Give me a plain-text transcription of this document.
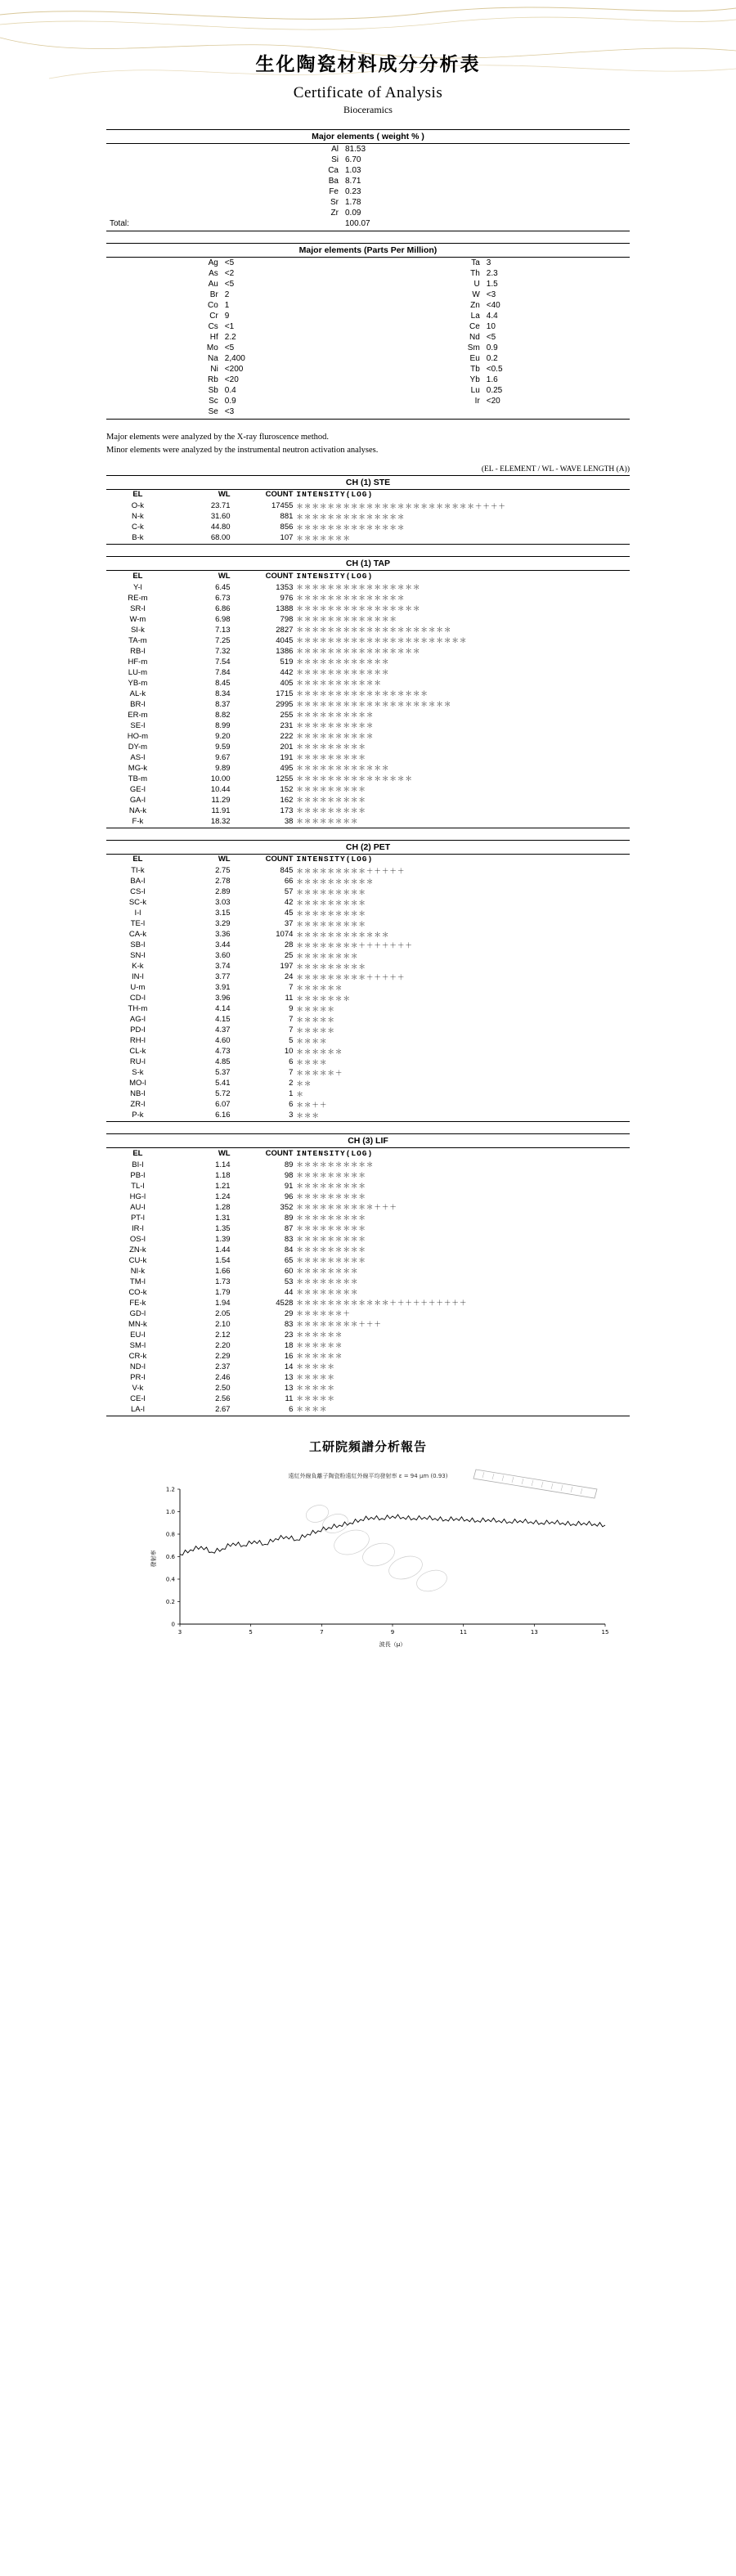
生化陶瓷材料成分分析表
Certificate of Analysis
Bioceramics
Major elements ( weight % )
Al	81.53
Si	6.70
Ca	1.03
Ba	8.71
Fe	0.23
Sr	1.78
Zr	0.09
Total:	100.07

Major elements (Parts Per Million)
Ag	<5	Ta	3
As	<2	Th	2.3
Au	<5	U	1.5
Br	2	W	<3
Co	1	Zn	<40
Cr	9	La	4.4
Cs	<1	Ce	10
Hf	2.2	Nd	<5
Mo	<5	Sm	0.9
Na	2,400	Eu	0.2
Ni	<200	Tb	<0.5
Rb	<20	Yb	1.6
Sb	0.4	Lu	0.25
Sc	0.9	Ir	<20
Se	<3		

Major elements were analyzed by the X-ray fluroscence method.
Minor elements were analyzed by the instrumental neutron activation analyses.
(EL - ELEMENT / WL - WAVE LENGTH (A))
CH (1) STE
EL	WL	COUNT	INTENSITY(LOG)
O-k	23.71	17455	＊＊＊＊＊＊＊＊＊＊＊＊＊＊＊＊＊＊＊＊＊＊＊＋＋＋＋
N-k	31.60	881	＊＊＊＊＊＊＊＊＊＊＊＊＊＊
C-k	44.80	856	＊＊＊＊＊＊＊＊＊＊＊＊＊＊
B-k	68.00	107	＊＊＊＊＊＊＊

CH (1) TAP
EL	WL	COUNT	INTENSITY(LOG)
Y-l	6.45	1353	＊＊＊＊＊＊＊＊＊＊＊＊＊＊＊＊
RE-m	6.73	976	＊＊＊＊＊＊＊＊＊＊＊＊＊＊
SR-l	6.86	1388	＊＊＊＊＊＊＊＊＊＊＊＊＊＊＊＊
W-m	6.98	798	＊＊＊＊＊＊＊＊＊＊＊＊＊
SI-k	7.13	2827	＊＊＊＊＊＊＊＊＊＊＊＊＊＊＊＊＊＊＊＊
TA-m	7.25	4045	＊＊＊＊＊＊＊＊＊＊＊＊＊＊＊＊＊＊＊＊＊＊
RB-l	7.32	1386	＊＊＊＊＊＊＊＊＊＊＊＊＊＊＊＊
HF-m	7.54	519	＊＊＊＊＊＊＊＊＊＊＊＊
LU-m	7.84	442	＊＊＊＊＊＊＊＊＊＊＊＊
YB-m	8.45	405	＊＊＊＊＊＊＊＊＊＊＊
AL-k	8.34	1715	＊＊＊＊＊＊＊＊＊＊＊＊＊＊＊＊＊
BR-l	8.37	2995	＊＊＊＊＊＊＊＊＊＊＊＊＊＊＊＊＊＊＊＊
ER-m	8.82	255	＊＊＊＊＊＊＊＊＊＊
SE-l	8.99	231	＊＊＊＊＊＊＊＊＊＊
HO-m	9.20	222	＊＊＊＊＊＊＊＊＊＊
DY-m	9.59	201	＊＊＊＊＊＊＊＊＊
AS-l	9.67	191	＊＊＊＊＊＊＊＊＊
MG-k	9.89	495	＊＊＊＊＊＊＊＊＊＊＊＊
TB-m	10.00	1255	＊＊＊＊＊＊＊＊＊＊＊＊＊＊＊
GE-l	10.44	152	＊＊＊＊＊＊＊＊＊
GA-l	11.29	162	＊＊＊＊＊＊＊＊＊
NA-k	11.91	173	＊＊＊＊＊＊＊＊＊
F-k	18.32	38	＊＊＊＊＊＊＊＊

CH (2) PET
EL	WL	COUNT	INTENSITY(LOG)
TI-k	2.75	845	＊＊＊＊＊＊＊＊＊＋＋＋＋＋
BA-l	2.78	66	＊＊＊＊＊＊＊＊＊＊
CS-l	2.89	57	＊＊＊＊＊＊＊＊＊
SC-k	3.03	42	＊＊＊＊＊＊＊＊＊
I-l	3.15	45	＊＊＊＊＊＊＊＊＊
TE-l	3.29	37	＊＊＊＊＊＊＊＊＊
CA-k	3.36	1074	＊＊＊＊＊＊＊＊＊＊＊＊
SB-l	3.44	28	＊＊＊＊＊＊＊＊＋＋＋＋＋＋＋
SN-l	3.60	25	＊＊＊＊＊＊＊＊
K-k	3.74	197	＊＊＊＊＊＊＊＊＊
IN-l	3.77	24	＊＊＊＊＊＊＊＊＊＋＋＋＋＋
U-m	3.91	7	＊＊＊＊＊＊
CD-l	3.96	11	＊＊＊＊＊＊＊
TH-m	4.14	9	＊＊＊＊＊
AG-l	4.15	7	＊＊＊＊＊
PD-l	4.37	7	＊＊＊＊＊
RH-l	4.60	5	＊＊＊＊
CL-k	4.73	10	＊＊＊＊＊＊
RU-l	4.85	6	＊＊＊＊
S-k	5.37	7	＊＊＊＊＊＋
MO-l	5.41	2	＊＊
NB-l	5.72	1	＊
ZR-l	6.07	6	＊＊＋＋
P-k	6.16	3	＊＊＊

CH (3) LIF
EL	WL	COUNT	INTENSITY(LOG)
BI-l	1.14	89	＊＊＊＊＊＊＊＊＊＊
PB-l	1.18	98	＊＊＊＊＊＊＊＊＊
TL-l	1.21	91	＊＊＊＊＊＊＊＊＊
HG-l	1.24	96	＊＊＊＊＊＊＊＊＊
AU-l	1.28	352	＊＊＊＊＊＊＊＊＊＊＋＋＋
PT-l	1.31	89	＊＊＊＊＊＊＊＊＊
IR-l	1.35	87	＊＊＊＊＊＊＊＊＊
OS-l	1.39	83	＊＊＊＊＊＊＊＊＊
ZN-k	1.44	84	＊＊＊＊＊＊＊＊＊
CU-k	1.54	65	＊＊＊＊＊＊＊＊＊
NI-k	1.66	60	＊＊＊＊＊＊＊＊
TM-l	1.73	53	＊＊＊＊＊＊＊＊
CO-k	1.79	44	＊＊＊＊＊＊＊＊
FE-k	1.94	4528	＊＊＊＊＊＊＊＊＊＊＊＊＋＋＋＋＋＋＋＋＋＋
GD-l	2.05	29	＊＊＊＊＊＊＋
MN-k	2.10	83	＊＊＊＊＊＊＊＊＋＋＋
EU-l	2.12	23	＊＊＊＊＊＊
SM-l	2.20	18	＊＊＊＊＊＊
CR-k	2.29	16	＊＊＊＊＊＊
ND-l	2.37	14	＊＊＊＊＊
PR-l	2.46	13	＊＊＊＊＊
V-k	2.50	13	＊＊＊＊＊
CE-l	2.56	11	＊＊＊＊＊
LA-l	2.67	6	＊＊＊＊

工研院頻譜分析報告
遠紅外線負離子陶瓷粉遠紅外線平均發射率 ε = 94 µm (0.93)
3	5	7	9	11	13	15
0
0.2
0.4
0.6
0.8
1.0
1.2
波長（µ）
發射率
